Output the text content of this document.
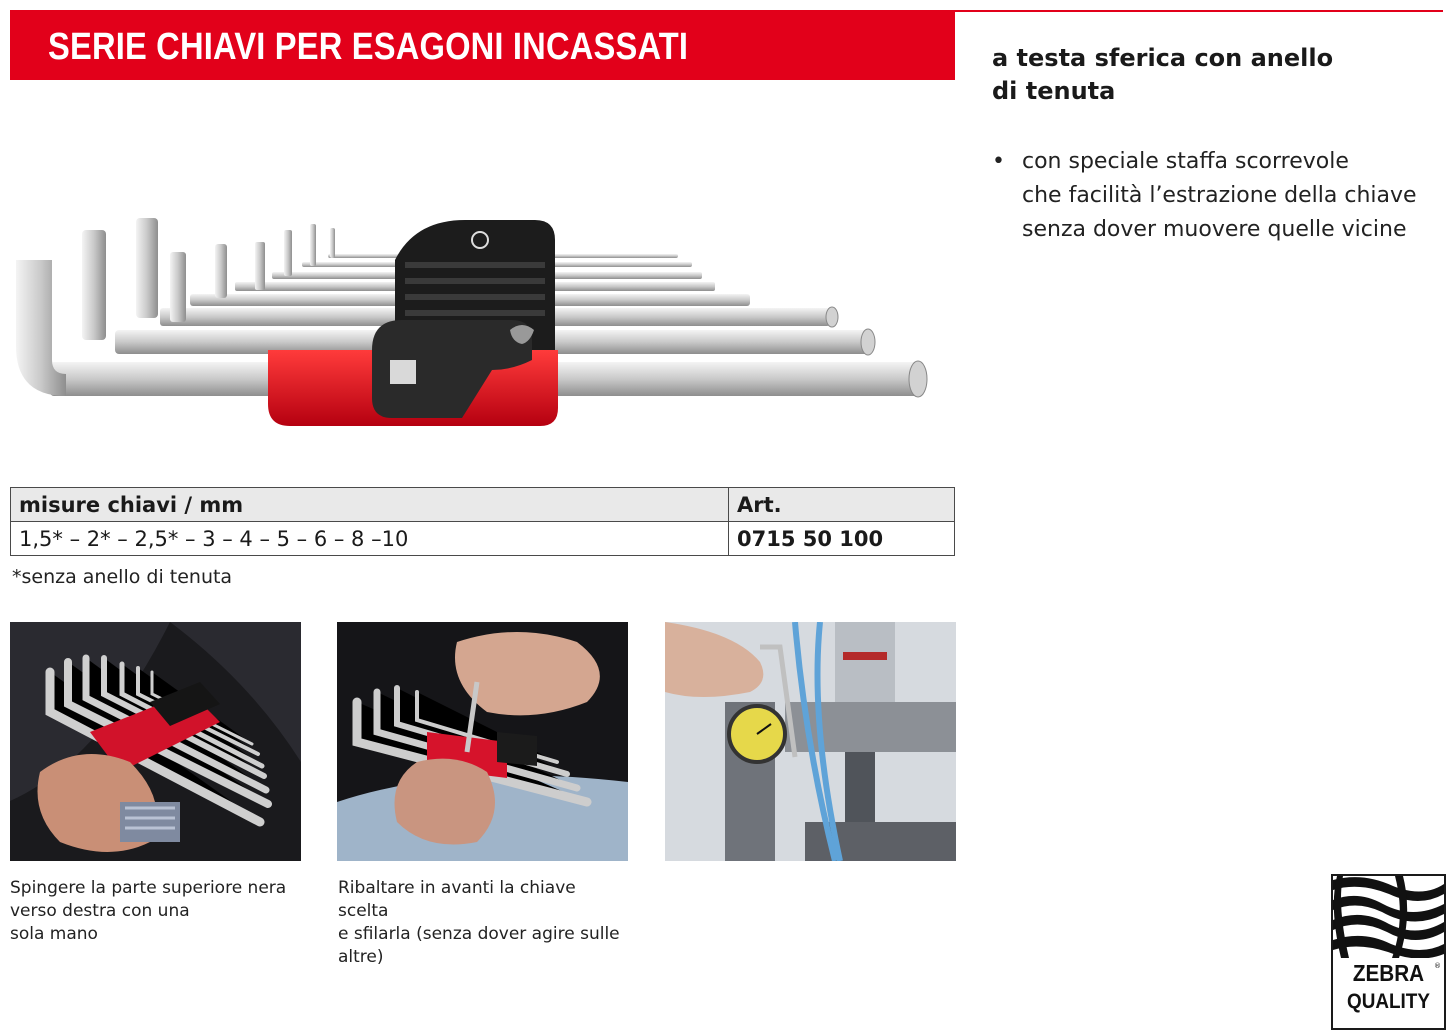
SERIE CHIAVI PER ESAGONI INCASSATI	a testa sferica con anello
di tenuta
• con speciale staffa scorrevole
che facilità l’estrazione della chiave
senza dover muovere quelle vicine
misure chiavi / mm	Art.
1,5* – 2* – 2,5* – 3 – 4 – 5 – 6 – 8 –10	0715 50 100
*senza anello di tenuta
Spingere la parte superiore nera
verso destra con una
sola mano
Ribaltare in avanti la chiave scelta
e sfilarla (senza dover agire sulle
altre)
ZEBRA	®
QUALITY
